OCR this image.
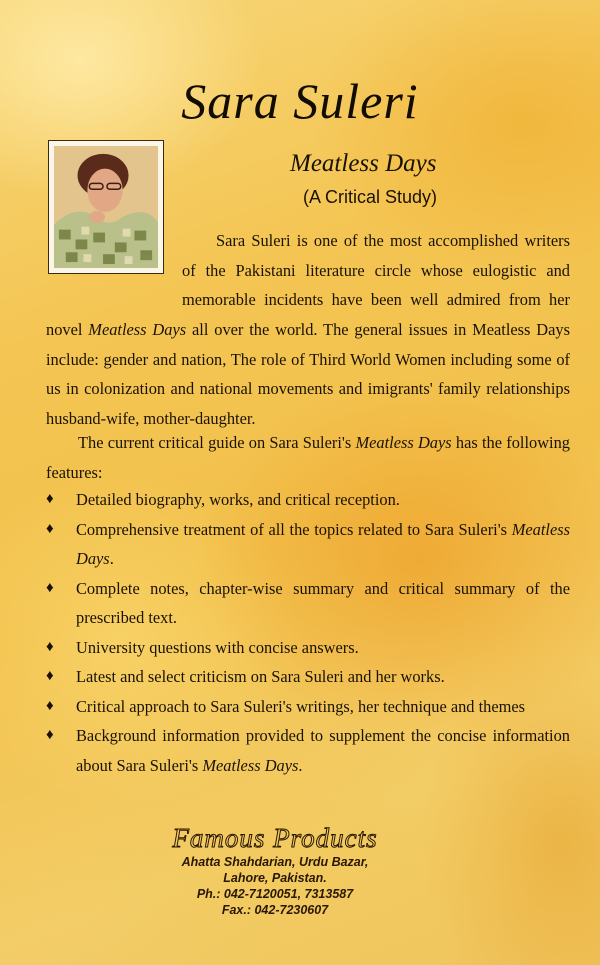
Sara Suleri
Meatless Days
(A Critical Study)
Sara Suleri is one of the most accomplished writers of the Pakistani literature circle whose eulogistic and memorable incidents have been well admired from her
novel Meatless Days all over the world. The general issues in Meatless Days include: gender and nation, The role of Third World Women including some of us in colonization and national movements and imigrants' family relationships husband-wife, mother-daughter.
The current critical guide on Sara Suleri's Meatless Days has the following features:
♦ Detailed biography, works, and critical reception.
♦ Comprehensive treatment of all the topics related to Sara Suleri's Meatless Days.
♦ Complete notes, chapter-wise summary and critical summary of the prescribed text.
♦ University questions with concise answers.
♦ Latest and select criticism on Sara Suleri and her works.
♦ Critical approach to Sara Suleri's writings, her technique and themes
♦ Background information provided to supplement the concise information about Sara Suleri's Meatless Days.
Famous Products
Ahatta Shahdarian, Urdu Bazar,
Lahore, Pakistan.
Ph.: 042-7120051, 7313587
Fax.: 042-7230607
